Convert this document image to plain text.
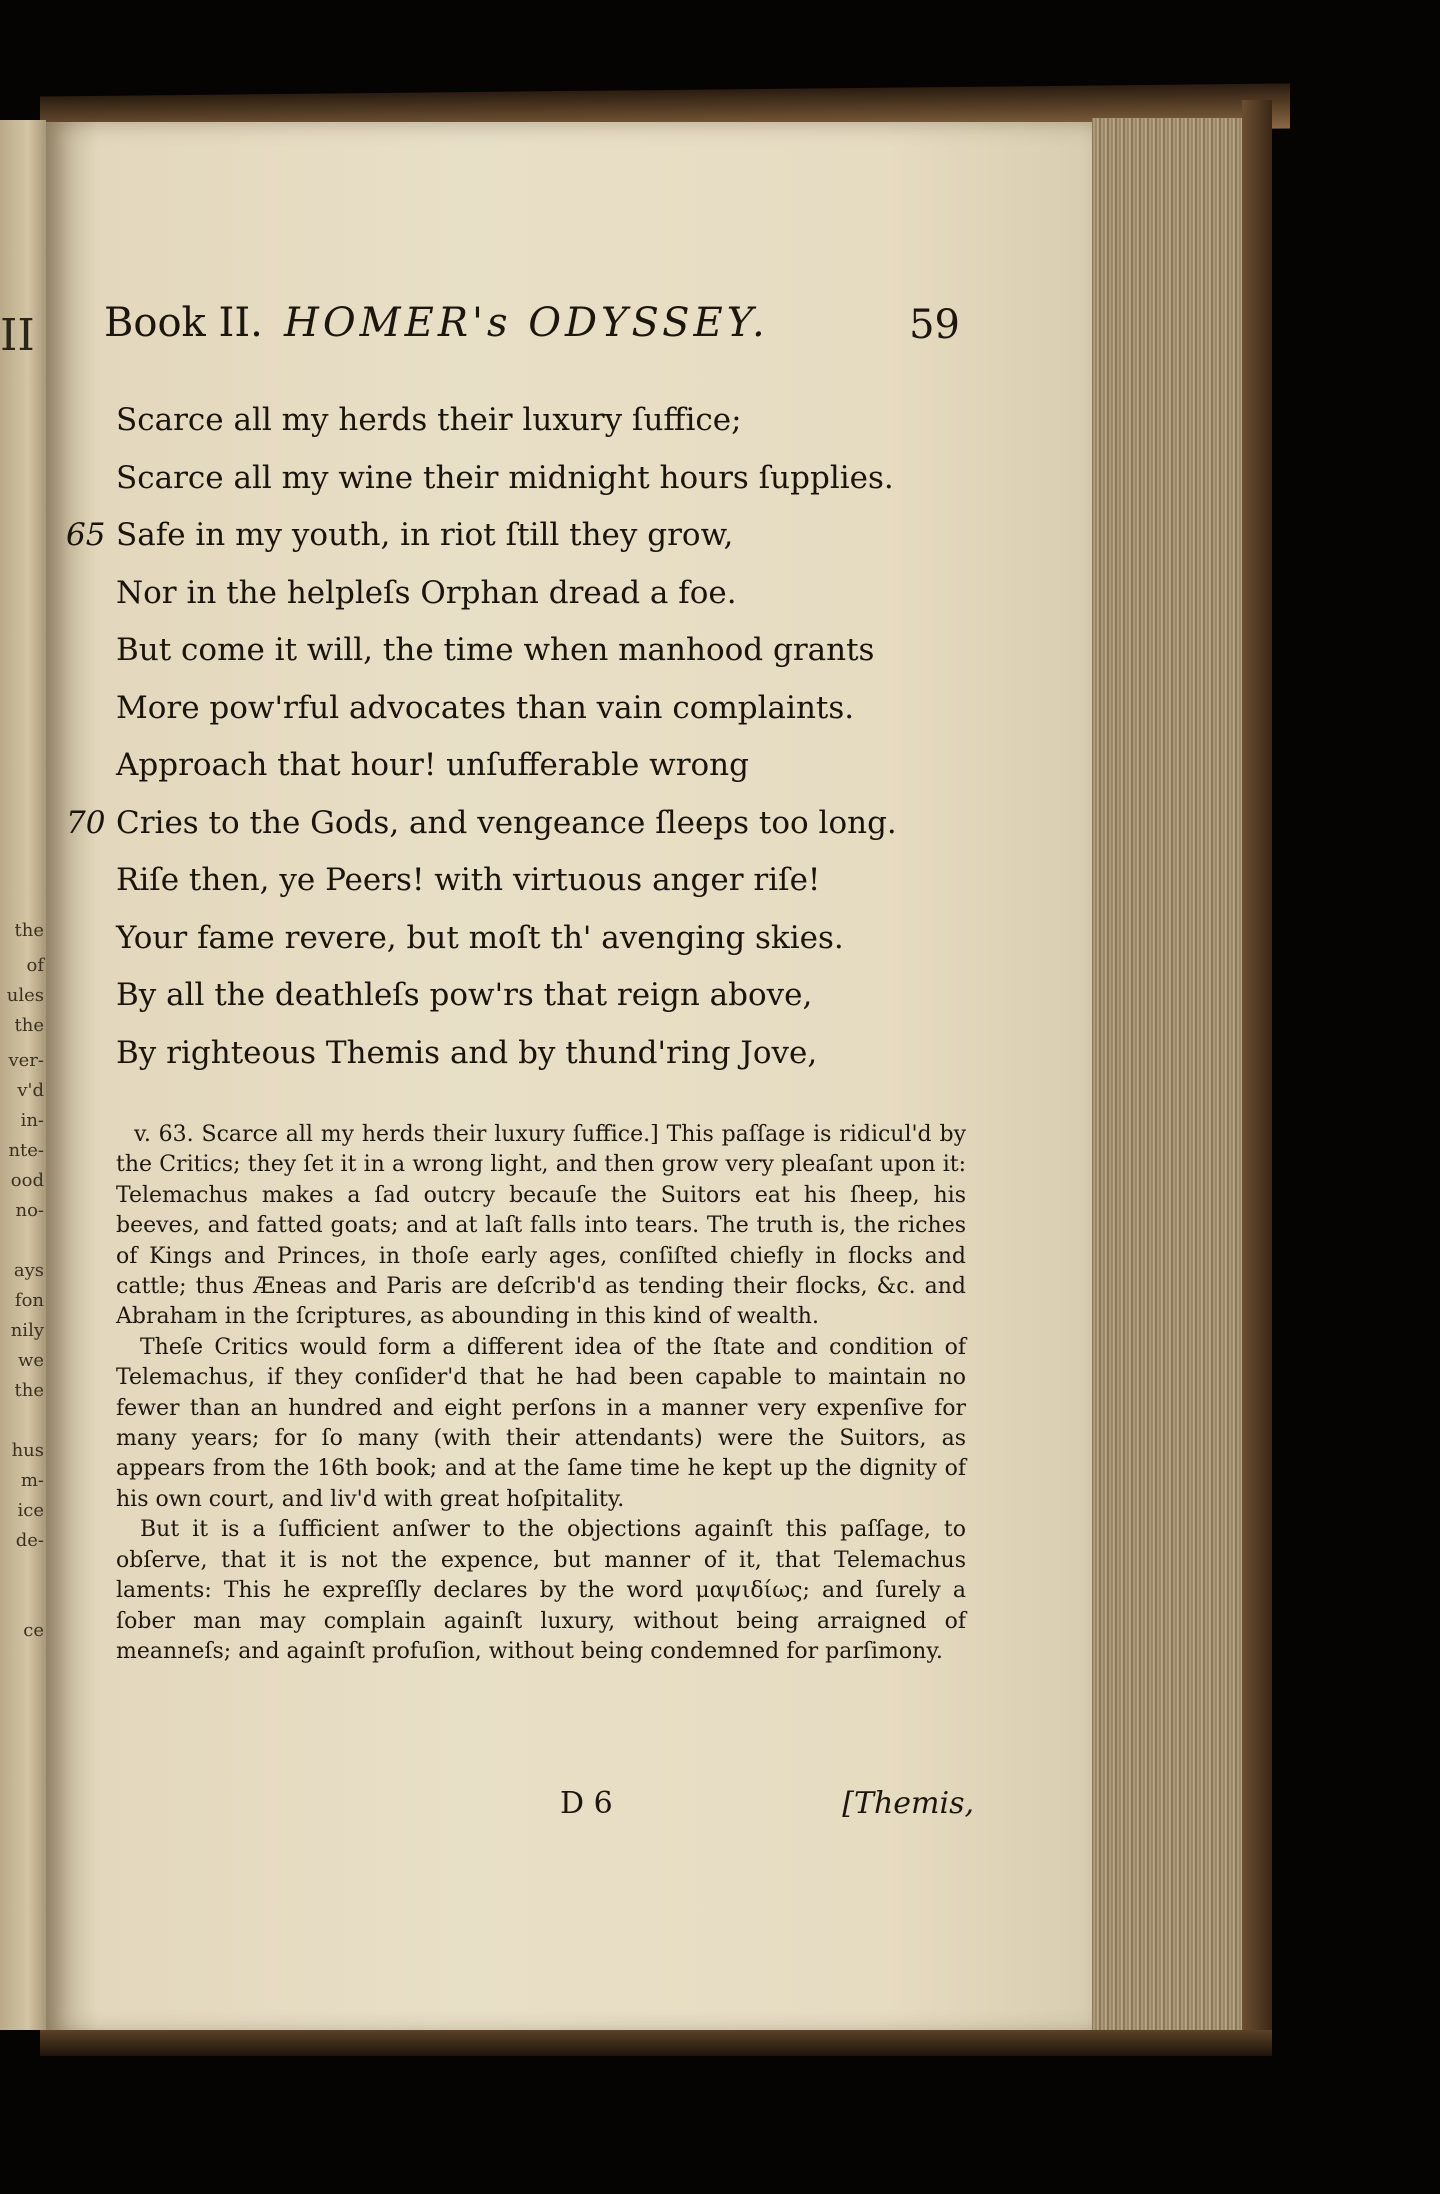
II
the
of
ules
the
ver-
v'd
in-
nte-
ood
no-
ays
fon
nily
we
the
hus
m-
ice
de-
ce
Book II. HOMER's ODYSSEY.	59
Scarce all my herds their luxury ſuffice;
Scarce all my wine their midnight hours ſupplies.
65 Safe in my youth, in riot ſtill they grow,
Nor in the helpleſs Orphan dread a foe.
But come it will, the time when manhood grants
More pow'rful advocates than vain complaints.
Approach that hour! unſufferable wrong
70 Cries to the Gods, and vengeance ſleeps too long.
Riſe then, ye Peers! with virtuous anger riſe!
Your fame revere, but moſt th' avenging skies.
By all the deathleſs pow'rs that reign above,
By righteous Themis and by thund'ring Jove,

v. 63. Scarce all my herds their luxury ſuffice.] This paſſage is ridicul'd by the Critics; they ſet it in a wrong light, and then grow very pleaſant upon it: Telemachus makes a ſad outcry becauſe the Suitors eat his ſheep, his beeves, and fatted goats; and at laſt falls into tears. The truth is, the riches of Kings and Princes, in thoſe early ages, conſiſted chiefly in flocks and cattle; thus Æneas and Paris are deſcrib'd as tending their flocks, &c. and Abraham in the ſcriptures, as abounding in this kind of wealth.

Theſe Critics would form a different idea of the ſtate and condition of Telemachus, if they conſider'd that he had been capable to maintain no fewer than an hundred and eight perſons in a manner very expenſive for many years; for ſo many (with their attendants) were the Suitors, as appears from the 16th book; and at the ſame time he kept up the dignity of his own court, and liv'd with great hoſpitality.

But it is a ſufficient anſwer to the objections againſt this paſſage, to obſerve, that it is not the expence, but manner of it, that Telemachus laments: This he expreſſly declares by the word μαψιδίως; and ſurely a ſober man may complain againſt luxury, without being arraigned of meanneſs; and againſt profuſion, without being condemned for parſimony.

D 6	[Themis,
